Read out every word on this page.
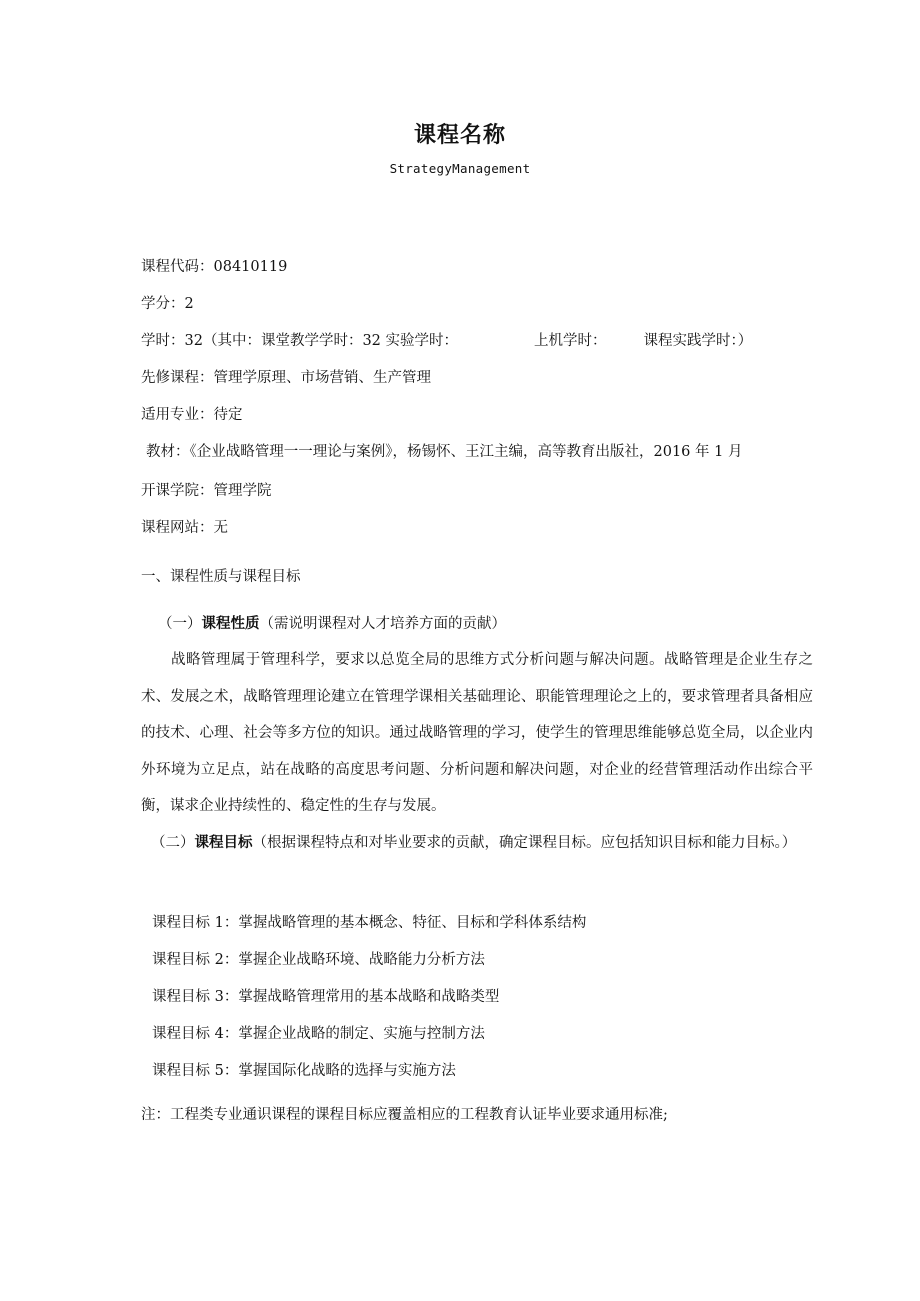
课程名称
StrategyManagement
课程代码：08410119
学分：2
学时：32（其中：课堂教学学时：32 实验学时：	上机学时：	课程实践学时：）
先修课程：管理学原理、市场营销、生产管理
适用专业：待定
教材：《企业战略管理一一理论与案例》，杨锡怀、王江主编，高等教育出版社，2016 年 1 月
开课学院：管理学院
课程网站：无
一、课程性质与课程目标
（一）课程性质（需说明课程对人才培养方面的贡献）
战略管理属于管理科学，要求以总览全局的思维方式分析问题与解决问题。战略管理是企业生存之术、发展之术，战略管理理论建立在管理学课相关基础理论、职能管理理论之上的，要求管理者具备相应的技术、心理、社会等多方位的知识。通过战略管理的学习，使学生的管理思维能够总览全局，以企业内外环境为立足点，站在战略的高度思考问题、分析问题和解决问题，对企业的经营管理活动作出综合平衡，谋求企业持续性的、稳定性的生存与发展。
（二）课程目标（根据课程特点和对毕业要求的贡献，确定课程目标。应包括知识目标和能力目标。）
课程目标 1：掌握战略管理的基本概念、特征、目标和学科体系结构
课程目标 2：掌握企业战略环境、战略能力分析方法
课程目标 3：掌握战略管理常用的基本战略和战略类型
课程目标 4：掌握企业战略的制定、实施与控制方法
课程目标 5：掌握国际化战略的选择与实施方法
注：工程类专业通识课程的课程目标应覆盖相应的工程教育认证毕业要求通用标准;
